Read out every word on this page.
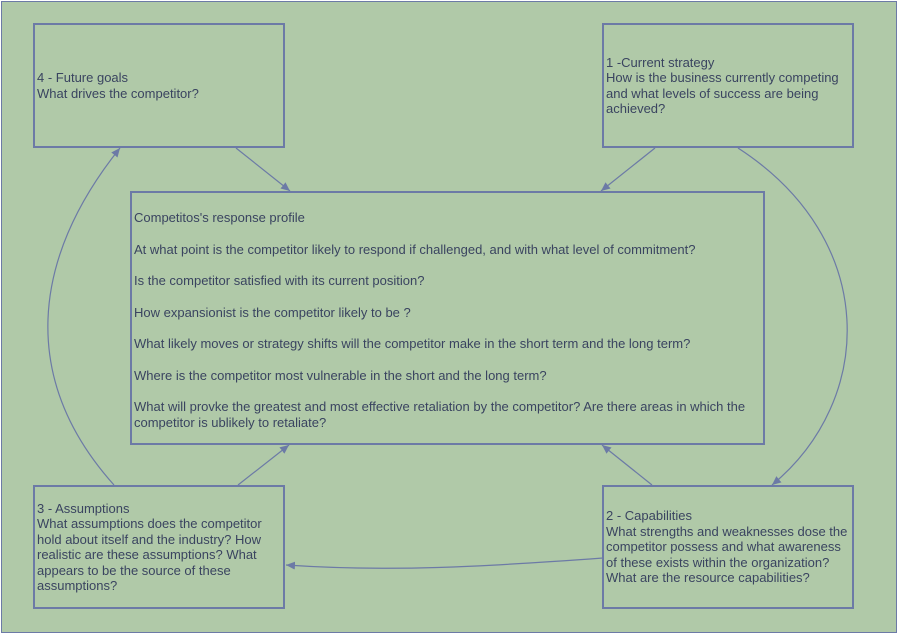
4 - Future goals
What drives the competitor?
1 -Current strategy
How is the business currently competing
and what levels of success are being
achieved?
Competitos's response profile
At what point is the competitor likely to respond if challenged, and with what level of commitment?
Is the competitor satisfied with its current position?
How expansionist is the competitor likely to be ?
What likely moves or strategy shifts will the competitor make in the short term and the long term?
Where is the competitor most vulnerable in the short and the long term?
What will provke the greatest and most effective retaliation by the competitor? Are there areas in which the
competitor is ublikely to retaliate?
3 - Assumptions
What assumptions does the competitor
hold about itself and the industry? How
realistic are these assumptions? What
appears to be the source of these
assumptions?
2 - Capabilities
What strengths and weaknesses dose the
competitor possess and what awareness
of these exists within the organization?
What are the resource capabilities?
